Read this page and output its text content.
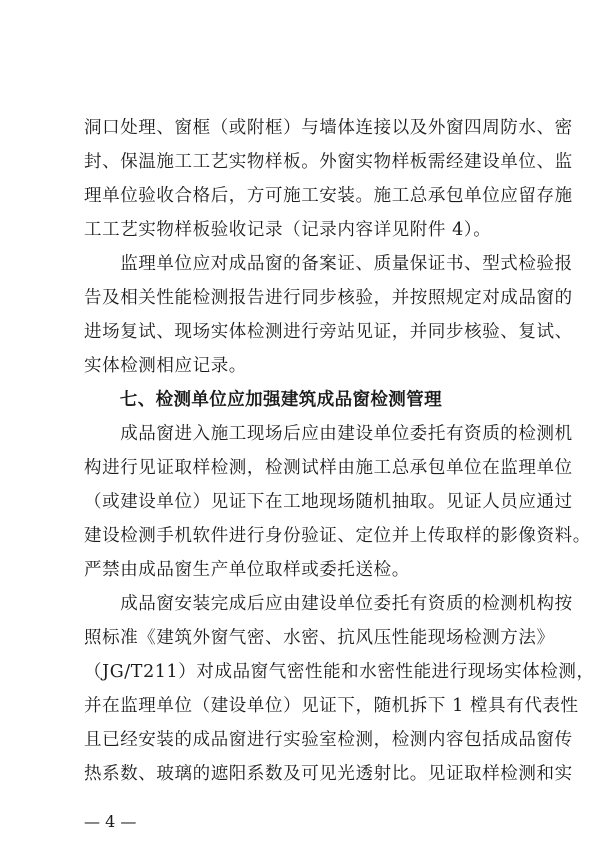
洞口处理、窗框（或附框）与墙体连接以及外窗四周防水、密
封、保温施工工艺实物样板。外窗实物样板需经建设单位、监
理单位验收合格后，方可施工安装。施工总承包单位应留存施
工工艺实物样板验收记录（记录内容详见附件 4）。
　　监理单位应对成品窗的备案证、质量保证书、型式检验报
告及相关性能检测报告进行同步核验，并按照规定对成品窗的
进场复试、现场实体检测进行旁站见证，并同步核验、复试、
实体检测相应记录。
　　七、检测单位应加强建筑成品窗检测管理
　　成品窗进入施工现场后应由建设单位委托有资质的检测机
构进行见证取样检测，检测试样由施工总承包单位在监理单位
（或建设单位）见证下在工地现场随机抽取。见证人员应通过
建设检测手机软件进行身份验证、定位并上传取样的影像资料。
严禁由成品窗生产单位取样或委托送检。
　　成品窗安装完成后应由建设单位委托有资质的检测机构按
照标准《建筑外窗气密、水密、抗风压性能现场检测方法》
（JG/T211）对成品窗气密性能和水密性能进行现场实体检测，
并在监理单位（建设单位）见证下，随机拆下 1 樘具有代表性
且已经安装的成品窗进行实验室检测，检测内容包括成品窗传
热系数、玻璃的遮阳系数及可见光透射比。见证取样检测和实
— 4 —
